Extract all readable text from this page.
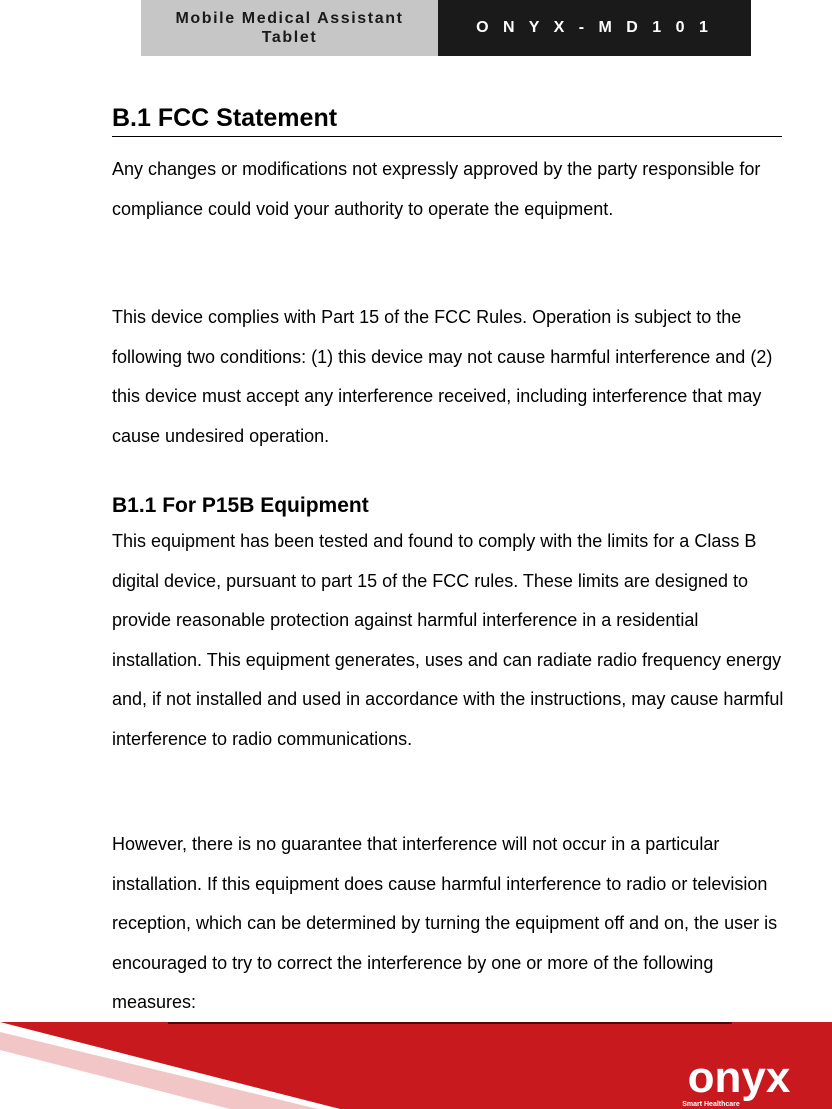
Mobile Medical Assistant Tablet
O N Y X - M D 1 0 1
B.1 FCC Statement

Any changes or modifications not expressly approved by the party responsible for compliance could void your authority to operate the equipment.

This device complies with Part 15 of the FCC Rules. Operation is subject to the following two conditions: (1) this device may not cause harmful interference and (2) this device must accept any interference received, including interference that may cause undesired operation.

B1.1 For P15B Equipment

This equipment has been tested and found to comply with the limits for a Class B digital device, pursuant to part 15 of the FCC rules. These limits are designed to provide reasonable protection against harmful interference in a residential installation. This equipment generates, uses and can radiate radio frequency energy and, if not installed and used in accordance with the instructions, may cause harmful interference to radio communications.

However, there is no guarantee that interference will not occur in a particular installation. If this equipment does cause harmful interference to radio or television reception, which can be determined by turning the equipment off and on, the user is encouraged to try to correct the interference by one or more of the following measures:

onyx
Smart Healthcare
